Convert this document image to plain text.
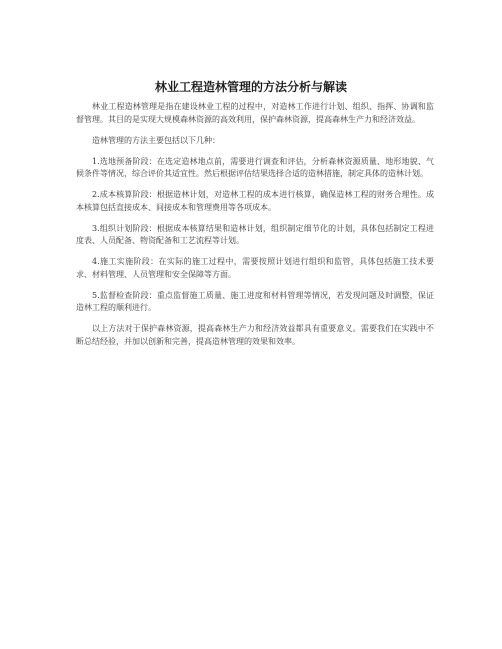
林业工程造林管理的方法分析与解读

林业工程造林管理是指在建设林业工程的过程中，对造林工作进行计划、组织、指挥、协调和监督管理。其目的是实现大规模森林资源的高效利用，保护森林资源，提高森林生产力和经济效益。

造林管理的方法主要包括以下几种：

1.选地预备阶段：在选定造林地点前，需要进行调查和评估，分析森林资源质量、地形地貌、气候条件等情况，综合评价其适宜性。然后根据评估结果选择合适的造林措施，制定具体的造林计划。

2.成本核算阶段：根据造林计划，对造林工程的成本进行核算，确保造林工程的财务合理性。成本核算包括直接成本、间接成本和管理费用等各项成本。

3.组织计划阶段：根据成本核算结果和造林计划，组织制定细节化的计划，具体包括制定工程进度表、人员配备、物资配备和工艺流程等计划。

4.施工实施阶段：在实际的施工过程中，需要按照计划进行组织和监管，具体包括施工技术要求、材料管理、人员管理和安全保障等方面。

5.监督检查阶段：重点监督施工质量、施工进度和材料管理等情况，若发现问题及时调整，保证造林工程的顺利进行。

以上方法对于保护森林资源，提高森林生产力和经济效益都具有重要意义。需要我们在实践中不断总结经验，并加以创新和完善，提高造林管理的效果和效率。
